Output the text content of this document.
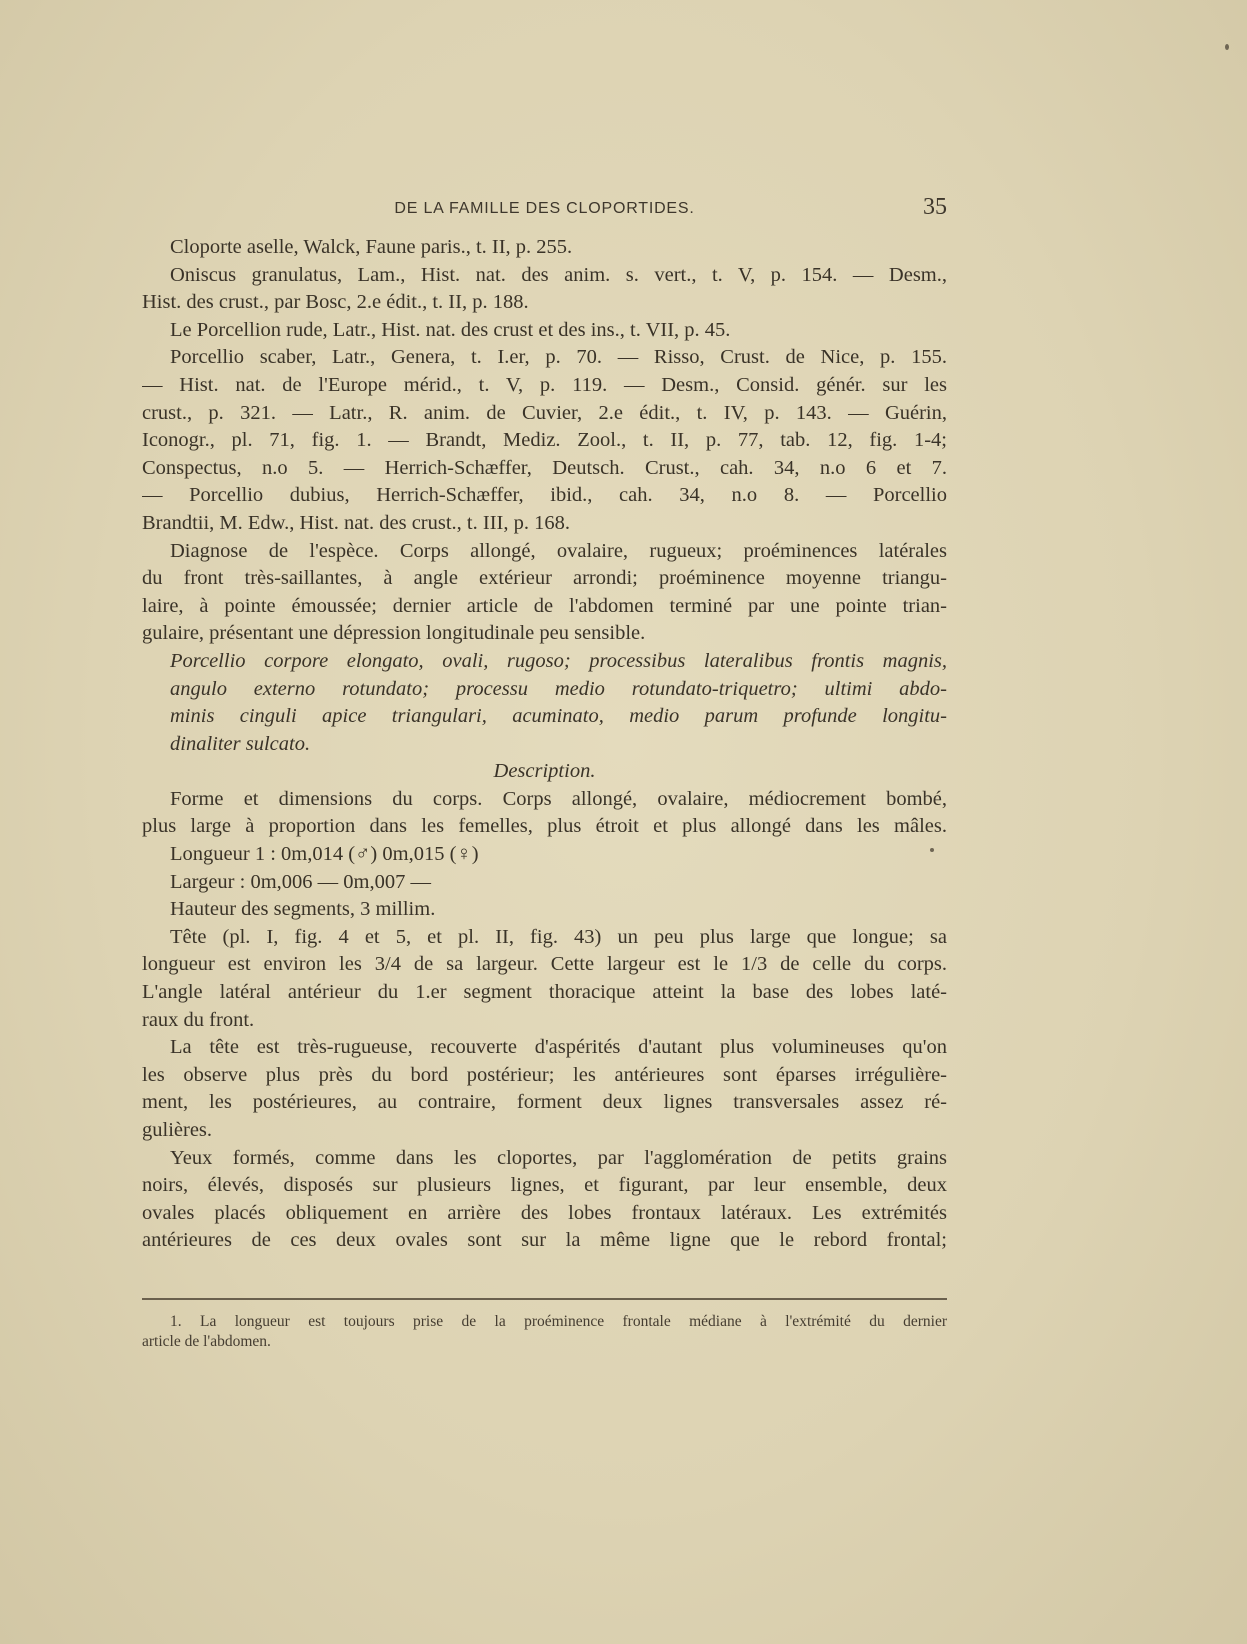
DE LA FAMILLE DES CLOPORTIDES.	35
Cloporte aselle, Walck, Faune paris., t. II, p. 255.
Oniscus granulatus, Lam., Hist. nat. des anim. s. vert., t. V, p. 154. — Desm.,
Hist. des crust., par Bosc, 2.e édit., t. II, p. 188.
Le Porcellion rude, Latr., Hist. nat. des crust et des ins., t. VII, p. 45.
Porcellio scaber, Latr., Genera, t. I.er, p. 70. — Risso, Crust. de Nice, p. 155.
— Hist. nat. de l'Europe mérid., t. V, p. 119. — Desm., Consid. génér. sur les
crust., p. 321. — Latr., R. anim. de Cuvier, 2.e édit., t. IV, p. 143. — Guérin,
Iconogr., pl. 71, fig. 1. — Brandt, Mediz. Zool., t. II, p. 77, tab. 12, fig. 1-4;
Conspectus, n.o 5. — Herrich-Schæffer, Deutsch. Crust., cah. 34, n.o 6 et 7.
— Porcellio dubius, Herrich-Schæffer, ibid., cah. 34, n.o 8. — Porcellio
Brandtii, M. Edw., Hist. nat. des crust., t. III, p. 168.
Diagnose de l'espèce. Corps allongé, ovalaire, rugueux; proéminences latérales
du front très-saillantes, à angle extérieur arrondi; proéminence moyenne triangu-
laire, à pointe émoussée; dernier article de l'abdomen terminé par une pointe trian-
gulaire, présentant une dépression longitudinale peu sensible.
Porcellio corpore elongato, ovali, rugoso; processibus lateralibus frontis magnis,
angulo externo rotundato; processu medio rotundato-triquetro; ultimi abdo-
minis cinguli apice triangulari, acuminato, medio parum profunde longitu-
dinaliter sulcato.
Description.
Forme et dimensions du corps. Corps allongé, ovalaire, médiocrement bombé,
plus large à proportion dans les femelles, plus étroit et plus allongé dans les mâles.
Longueur 1 : 0m,014 (♂) 0m,015 (♀)
Largeur : 0m,006 — 0m,007 —
Hauteur des segments, 3 millim.
Tête (pl. I, fig. 4 et 5, et pl. II, fig. 43) un peu plus large que longue; sa
longueur est environ les 3/4 de sa largeur. Cette largeur est le 1/3 de celle du corps.
L'angle latéral antérieur du 1.er segment thoracique atteint la base des lobes laté-
raux du front.
La tête est très-rugueuse, recouverte d'aspérités d'autant plus volumineuses qu'on
les observe plus près du bord postérieur; les antérieures sont éparses irrégulière-
ment, les postérieures, au contraire, forment deux lignes transversales assez ré-
gulières.
Yeux formés, comme dans les cloportes, par l'agglomération de petits grains
noirs, élevés, disposés sur plusieurs lignes, et figurant, par leur ensemble, deux
ovales placés obliquement en arrière des lobes frontaux latéraux. Les extrémités
antérieures de ces deux ovales sont sur la même ligne que le rebord frontal;
1. La longueur est toujours prise de la proéminence frontale médiane à l'extrémité du dernier
article de l'abdomen.
